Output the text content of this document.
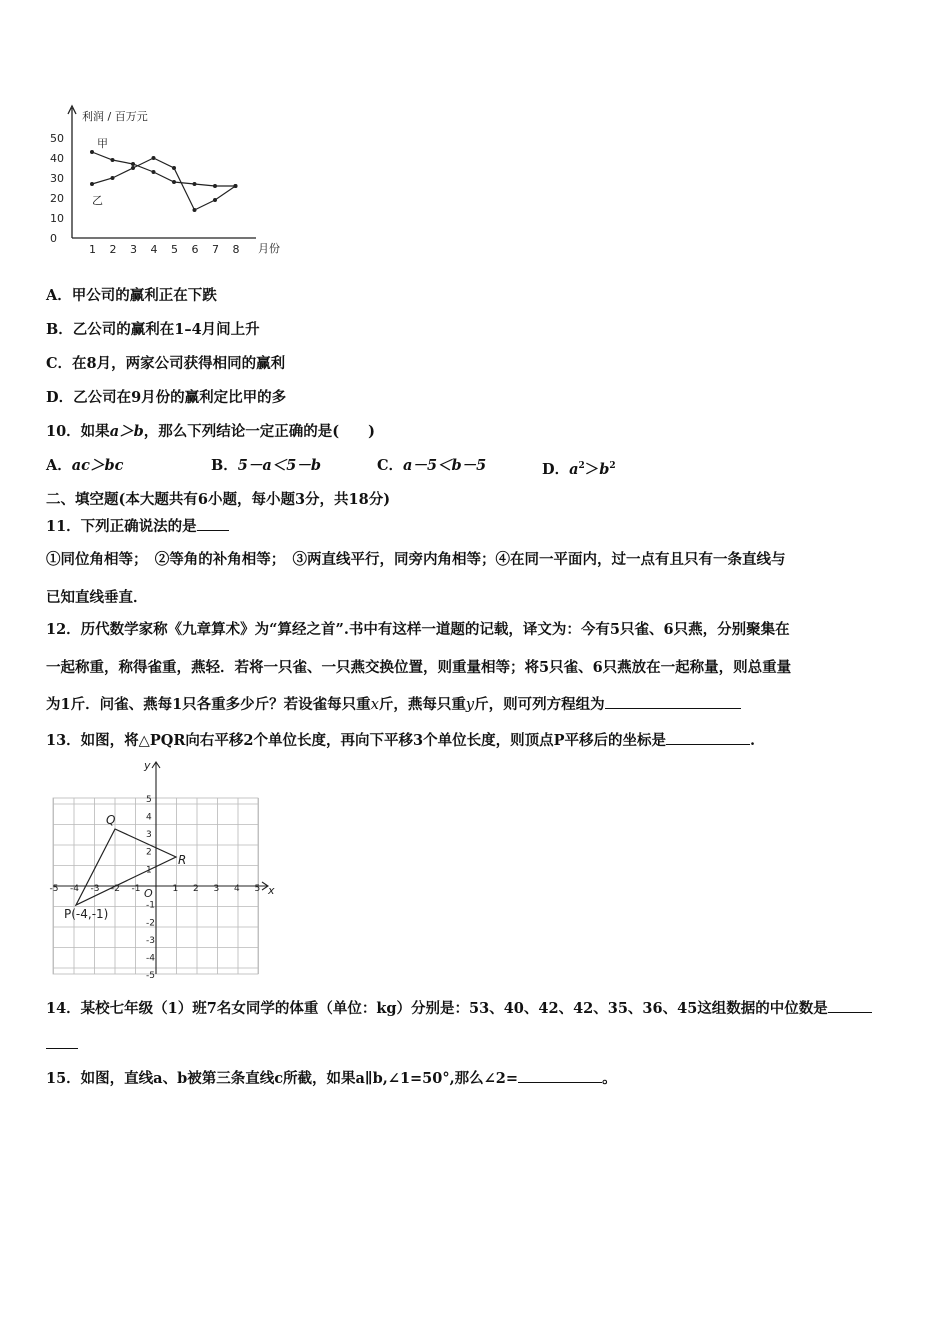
利润 / 百万元
月份
0
10
20
30
40
50
1 2 3 4 5 6 7 8
甲
乙
A．甲公司的赢利正在下跌
B．乙公司的赢利在1–4月间上升
C．在8月，两家公司获得相同的赢利
D．乙公司在9月份的赢利定比甲的多
10．如果a＞b，那么下列结论一定正确的是(　　)
A．ac＞bc	B．5－a＜5－b	C．a－5＜b－5	D．$a^2>b^2$
二、填空题(本大题共有6小题，每小题3分，共18分)
11．下列正确说法的是
①同位角相等；　②等角的补角相等；　③两直线平行，同旁内角相等；④在同一平面内，过一点有且只有一条直线与
已知直线垂直．
12．历代数学家称《九章算术》为“算经之首”.书中有这样一道题的记载，译文为：今有5只雀、6只燕，分别聚集在
一起称重，称得雀重，燕轻．若将一只雀、一只燕交换位置，则重量相等；将5只雀、6只燕放在一起称量，则总重量
为1斤．问雀、燕每1只各重多少斤？若设雀每只重x斤，燕每只重y斤，则可列方程组为
13．如图，将△PQR向右平移2个单位长度，再向下平移3个单位长度，则顶点P平移后的坐标是	.
-5 -4 -3 -2 -1	1 2 3 4 5
5
4
3
2
1
-1
-2
-3
-4
-5
x
y
O
Q
R
P(-4,-1)
14．某校七年级（1）班7名女同学的体重（单位：kg）分别是：53、40、42、42、35、36、45这组数据的中位数是
15．如图，直线a、b被第三条直线c所截，如果a∥b,∠1=50°,那么∠2=	。
